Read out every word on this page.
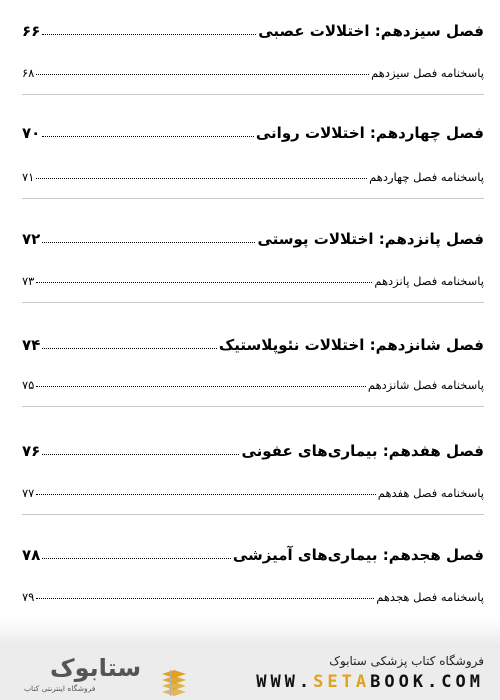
فصل سیزدهم: اختلالات عصبی
۶۶
پاسخنامه فصل سیزدهم
۶۸
فصل چهاردهم: اختلالات روانی
۷۰
پاسخنامه فصل چهاردهم
۷۱
فصل پانزدهم: اختلالات پوستی
۷۲
پاسخنامه فصل پانزدهم
۷۳
فصل شانزدهم: اختلالات نئوپلاستیک
۷۴
پاسخنامه فصل شانزدهم
۷۵
فصل هفدهم: بیماری‌های عفونی
۷۶
پاسخنامه فصل هفدهم
۷۷
فصل هجدهم: بیماری‌های آمیزشی
۷۸
پاسخنامه فصل هجدهم
۷۹
ستابوک
فروشگاه اینترنتی کتاب
فروشگاه کتاب پزشکی ستابوک
WWW.SETABOOK.COM
